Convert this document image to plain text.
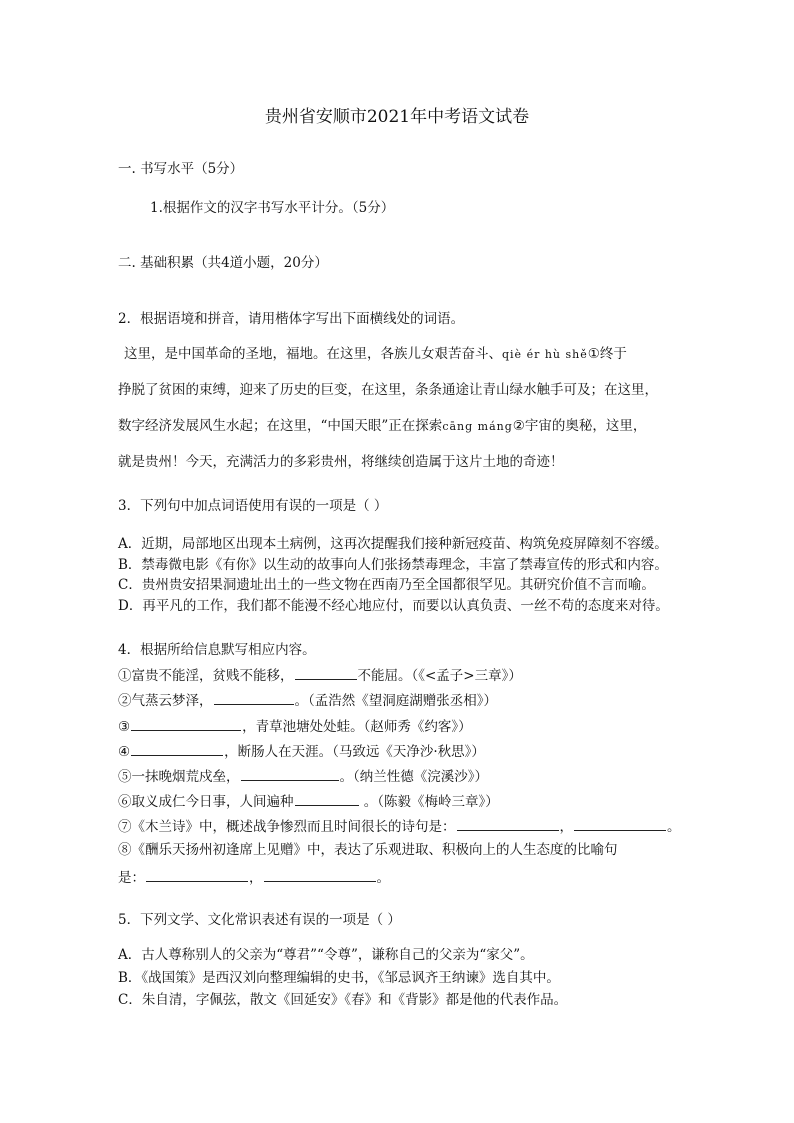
贵州省安顺市2021年中考语文试卷
一. 书写水平（5分）
1.根据作文的汉字书写水平计分。（5分）
二. 基础积累（共4道小题，20分）
2．根据语境和拼音，请用楷体字写出下面横线处的词语。
这里，是中国革命的圣地，福地。在这里，各族儿女艰苦奋斗、qiè ér hù shě①终于
挣脱了贫困的束缚，迎来了历史的巨变，在这里，条条通途让青山绿水触手可及；在这里，
数字经济发展风生水起；在这里，“中国天眼”正在探索cāng máng②宇宙的奥秘，这里，
就是贵州！今天，充满活力的多彩贵州，将继续创造属于这片土地的奇迹！
3．下列句中加点词语使用有误的一项是（ ）
A．近期，局部地区出现本土病例，这再次提醒我们接种新冠疫苗、构筑免疫屏障刻不容缓。
B．禁毒微电影《有你》以生动的故事向人们张扬禁毒理念，丰富了禁毒宣传的形式和内容。
C．贵州贵安招果洞遗址出土的一些文物在西南乃至全国都很罕见。其研究价值不言而喻。
D．再平凡的工作，我们都不能漫不经心地应付，而要以认真负责、一丝不苟的态度来对待。
4．根据所给信息默写相应内容。
①富贵不能淫，贫贱不能移，	不能屈。（《<孟子>三章》）
②气蒸云梦泽，	。（孟浩然《望洞庭湖赠张丞相》）
③	，青草池塘处处蛙。（赵师秀《约客》）
④	，断肠人在天涯。（马致远《天净沙·秋思》）
⑤一抹晚烟荒戍垒，	。（纳兰性德《浣溪沙》）
⑥取义成仁今日事，人间遍种	。（陈毅《梅岭三章》）
⑦《木兰诗》中，概述战争惨烈而且时间很长的诗句是：	，	。
⑧《酬乐天扬州初逢席上见赠》中，表达了乐观进取、积极向上的人生态度的比喻句
是：	，	。
5．下列文学、文化常识表述有误的一项是（ ）
A．古人尊称别人的父亲为“尊君”“令尊”，谦称自己的父亲为“家父”。
B．《战国策》是西汉刘向整理编辑的史书，《邹忌讽齐王纳谏》选自其中。
C．朱自清，字佩弦，散文《回延安》《春》和《背影》都是他的代表作品。
